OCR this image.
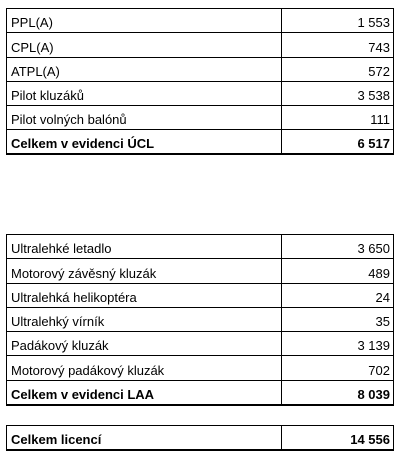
PPL(A)	1 553
CPL(A)	743
ATPL(A)	572
Pilot kluzáků	3 538
Pilot volných balónů	111
Celkem v evidenci ÚCL	6 517
Ultralehké letadlo	3 650
Motorový závěsný kluzák	489
Ultralehká helikoptéra	24
Ultralehký vírník	35
Padákový kluzák	3 139
Motorový padákový kluzák	702
Celkem v evidenci LAA	8 039
Celkem licencí	14 556
